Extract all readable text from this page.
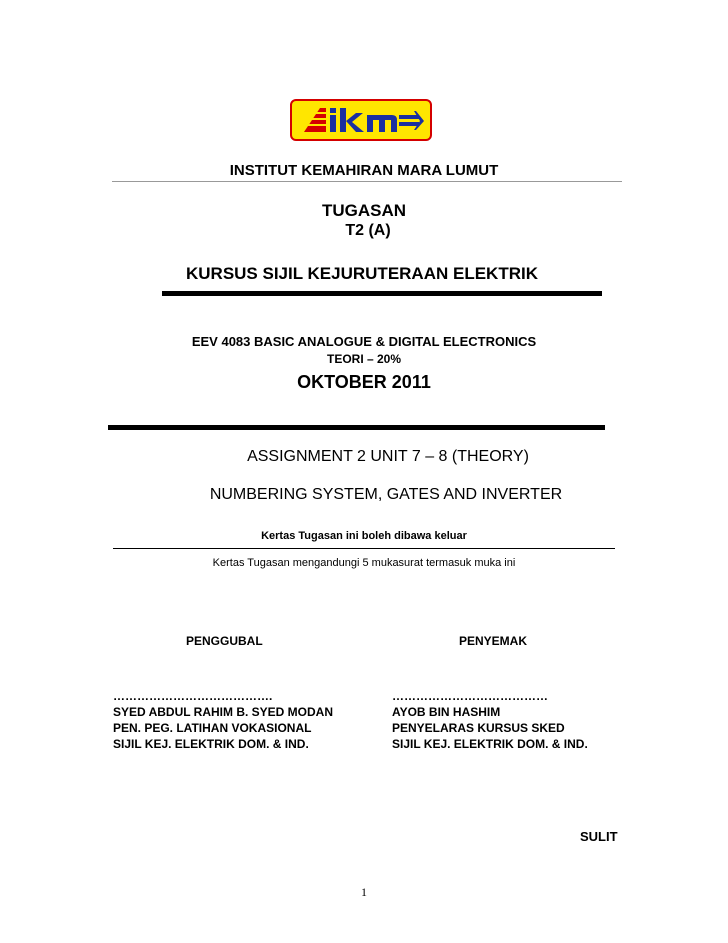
INSTITUT KEMAHIRAN MARA LUMUT
TUGASAN
T2 (A)
KURSUS SIJIL KEJURUTERAAN ELEKTRIK
EEV 4083 BASIC ANALOGUE & DIGITAL ELECTRONICS
TEORI – 20%
OKTOBER 2011
ASSIGNMENT 2 UNIT 7 – 8 (THEORY)
NUMBERING SYSTEM, GATES AND INVERTER
Kertas Tugasan ini boleh dibawa keluar
Kertas Tugasan mengandungi 5 mukasurat termasuk muka ini
PENGGUBAL	PENYEMAK
………………………………….
SYED ABDUL RAHIM B. SYED MODAN
PEN. PEG. LATIHAN VOKASIONAL
SIJIL KEJ. ELEKTRIK DOM. & IND.
…………………………………
AYOB BIN HASHIM
PENYELARAS KURSUS SKED
SIJIL KEJ. ELEKTRIK DOM. & IND.
SULIT
1
